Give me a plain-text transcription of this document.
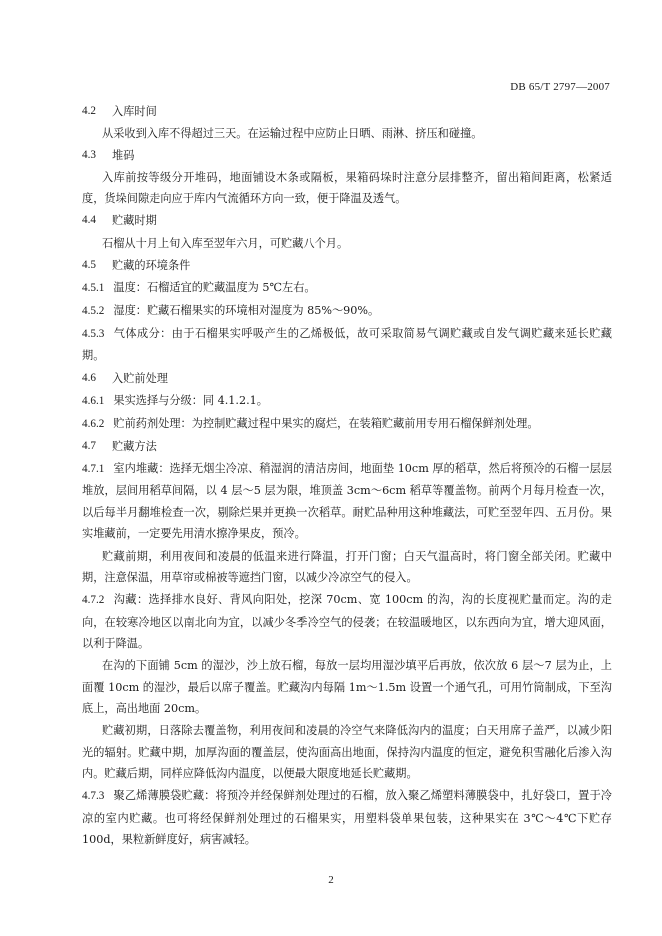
DB 65/T 2797—2007
4.2	入库时间
从采收到入库不得超过三天。在运输过程中应防止日晒、雨淋、挤压和碰撞。
4.3	堆码
入库前按等级分开堆码，地面铺设木条或隔板，果箱码垛时注意分层排整齐，留出箱间距离，松紧适度，货垛间隙走向应于库内气流循环方向一致，便于降温及透气。
4.4	贮藏时期
石榴从十月上旬入库至翌年六月，可贮藏八个月。
4.5	贮藏的环境条件
4.5.1 温度：石榴适宜的贮藏温度为 5℃左右。
4.5.2 湿度：贮藏石榴果实的环境相对湿度为 85%～90%。
4.5.3 气体成分：由于石榴果实呼吸产生的乙烯极低，故可采取简易气调贮藏或自发气调贮藏来延长贮藏期。
4.6	入贮前处理
4.6.1 果实选择与分级：同 4.1.2.1。
4.6.2 贮前药剂处理：为控制贮藏过程中果实的腐烂，在装箱贮藏前用专用石榴保鲜剂处理。
4.7	贮藏方法
4.7.1 室内堆藏：选择无烟尘冷凉、稍湿润的清洁房间，地面垫 10cm 厚的稻草，然后将预冷的石榴一层层堆放，层间用稻草间隔，以 4 层～5 层为限，堆顶盖 3cm～6cm 稻草等覆盖物。前两个月每月检查一次，以后每半月翻堆检查一次，剔除烂果并更换一次稻草。耐贮品种用这种堆藏法，可贮至翌年四、五月份。果实堆藏前，一定要先用清水擦净果皮，预冷。
贮藏前期，利用夜间和凌晨的低温来进行降温，打开门窗；白天气温高时，将门窗全部关闭。贮藏中期，注意保温，用草帘或棉被等遮挡门窗，以减少冷凉空气的侵入。
4.7.2 沟藏：选择排水良好、背风向阳处，挖深 70cm、宽 100cm 的沟，沟的长度视贮量而定。沟的走向，在较寒冷地区以南北向为宜，以减少冬季冷空气的侵袭；在较温暖地区，以东西向为宜，增大迎风面，以利于降温。
在沟的下面铺 5cm 的湿沙，沙上放石榴，每放一层均用湿沙填平后再放，依次放 6 层～7 层为止，上面覆 10cm 的湿沙，最后以席子覆盖。贮藏沟内每隔 1m～1.5m 设置一个通气孔，可用竹筒制成，下至沟底上，高出地面 20cm。
贮藏初期，日落除去覆盖物，利用夜间和凌晨的冷空气来降低沟内的温度；白天用席子盖严，以减少阳光的辐射。贮藏中期，加厚沟面的覆盖层，使沟面高出地面，保持沟内温度的恒定，避免积雪融化后渗入沟内。贮藏后期，同样应降低沟内温度，以便最大限度地延长贮藏期。
4.7.3 聚乙烯薄膜袋贮藏：将预冷并经保鲜剂处理过的石榴，放入聚乙烯塑料薄膜袋中，扎好袋口，置于冷凉的室内贮藏。也可将经保鲜剂处理过的石榴果实，用塑料袋单果包装，这种果实在 3℃～4℃下贮存 100d，果粒新鲜度好，病害减轻。
2
